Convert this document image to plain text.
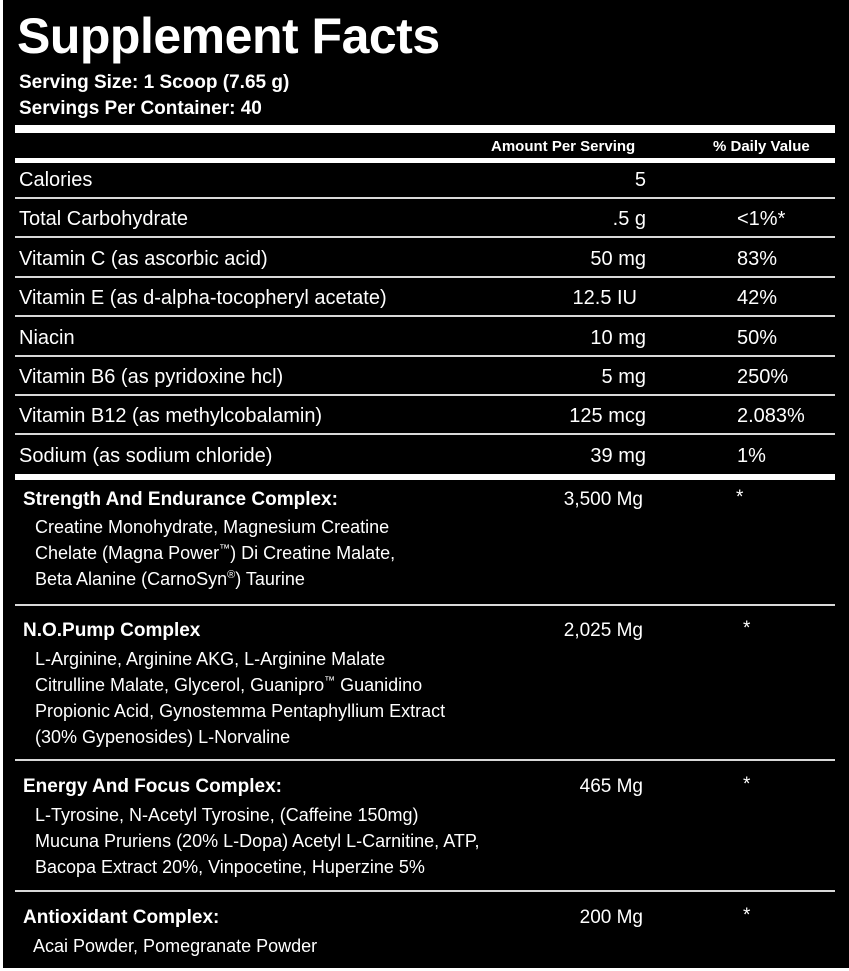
Supplement Facts
Serving Size: 1 Scoop (7.65 g)
Servings Per Container: 40
Amount Per Serving	% Daily Value
Calories	5
Total Carbohydrate	.5 g	<1%*
Vitamin C (as ascorbic acid)	50 mg	83%
Vitamin E (as d-alpha-tocopheryl acetate)	12.5 IU	42%
Niacin	10 mg	50%
Vitamin B6 (as pyridoxine hcl)	5 mg	250%
Vitamin B12 (as methylcobalamin)	125 mcg	2.083%
Sodium (as sodium chloride)	39 mg	1%
Strength And Endurance Complex:	3,500 Mg	*
Creatine Monohydrate, Magnesium Creatine
Chelate (Magna Power™) Di Creatine Malate,
Beta Alanine (CarnoSyn®) Taurine
N.O.Pump Complex	2,025 Mg	*
L-Arginine, Arginine AKG, L-Arginine Malate
Citrulline Malate, Glycerol, Guanipro™ Guanidino
Propionic Acid, Gynostemma Pentaphyllium Extract
(30% Gypenosides) L-Norvaline
Energy And Focus Complex:	465 Mg	*
L-Tyrosine, N-Acetyl Tyrosine, (Caffeine 150mg)
Mucuna Pruriens (20% L-Dopa) Acetyl L-Carnitine, ATP,
Bacopa Extract 20%, Vinpocetine, Huperzine 5%
Antioxidant Complex:	200 Mg	*
Acai Powder, Pomegranate Powder
